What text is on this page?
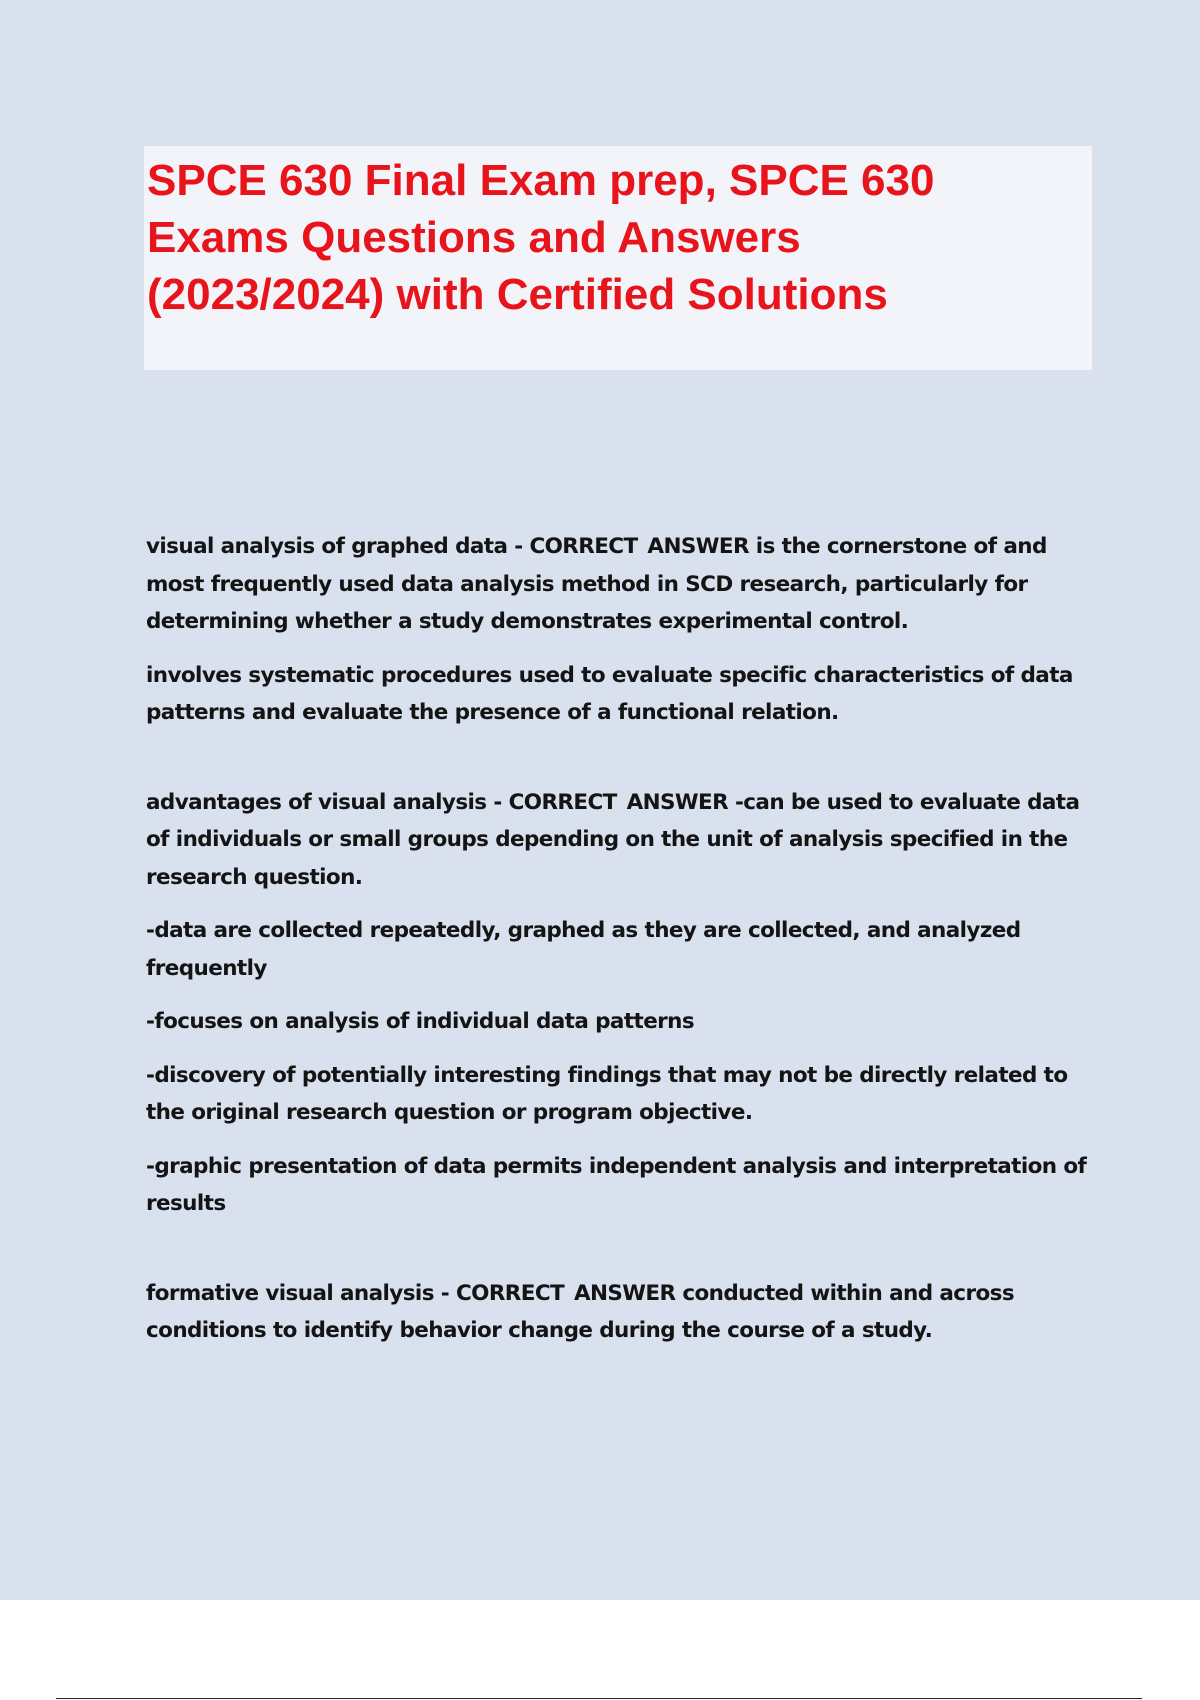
SPCE 630 Final Exam prep, SPCE 630
Exams Questions and Answers
(2023/2024) with Certified Solutions

visual analysis of graphed data - CORRECT ANSWER is the cornerstone of and most frequently used data analysis method in SCD research, particularly for determining whether a study demonstrates experimental control.

involves systematic procedures used to evaluate specific characteristics of data patterns and evaluate the presence of a functional relation.

advantages of visual analysis - CORRECT ANSWER -can be used to evaluate data of individuals or small groups depending on the unit of analysis specified in the research question.

-data are collected repeatedly, graphed as they are collected, and analyzed frequently

-focuses on analysis of individual data patterns

-discovery of potentially interesting findings that may not be directly related to the original research question or program objective.

-graphic presentation of data permits independent analysis and interpretation of results

formative visual analysis - CORRECT ANSWER conducted within and across conditions to identify behavior change during the course of a study.
